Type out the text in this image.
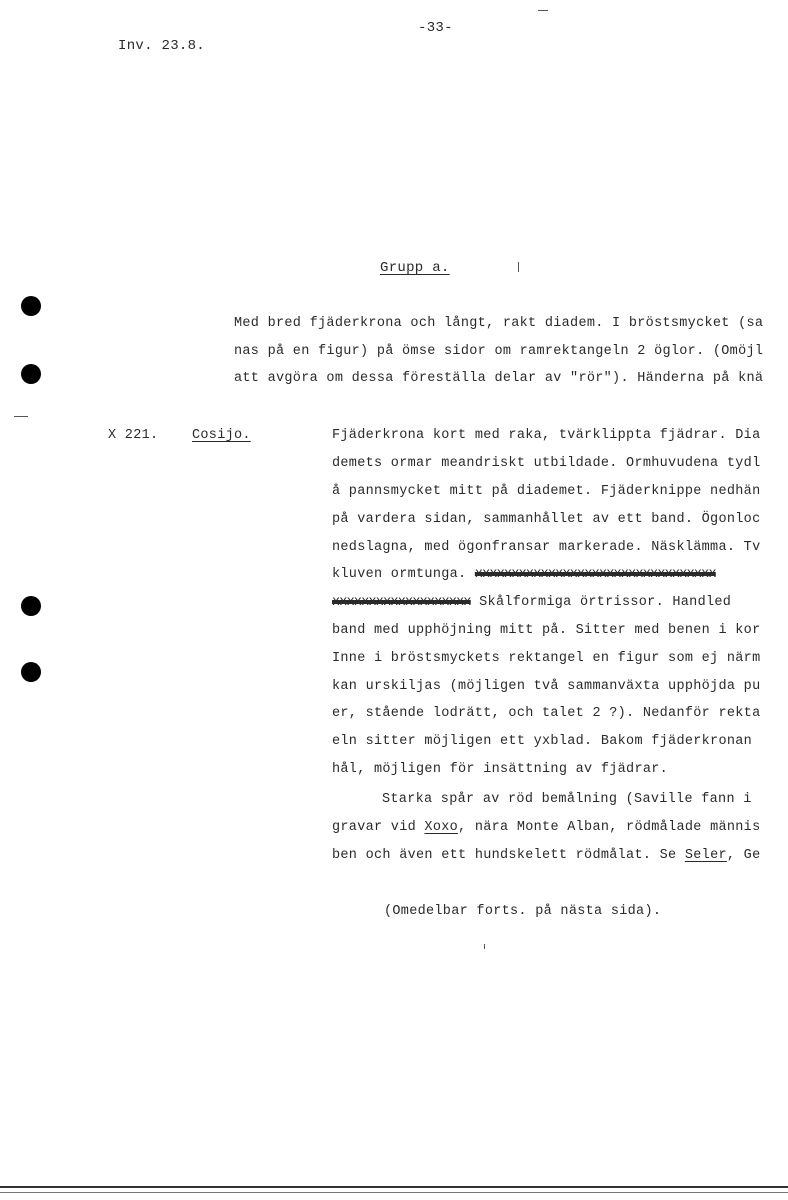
Inv. 23.8.
-33-
Grupp a.
Med bred fjäderkrona och långt, rakt diadem. I bröstsmycket (sa
nas på en figur) på ömse sidor om ramrektangeln 2 öglor. (Omöjl
att avgöra om dessa föreställa delar av "rör"). Händerna på knä
X 221. Cosijo.	Fjäderkrona kort med raka, tvärklippta fjädrar. Dia
demets ormar meandriskt utbildade. Ormhuvudena tydl
å pannsmycket mitt på diademet. Fjäderknippe nedhän
på vardera sidan, sammanhållet av ett band. Ögonloc
nedslagna, med ögonfransar markerade. Näsklämma. Tv
kluven ormtunga. xxxxxxxxxxxxxxxxxxxxxxxxxxxxxxxxx
xxxxxxxxxxxxxxxxxxx Skålformiga örtrissor. Handled
band med upphöjning mitt på. Sitter med benen i kor
Inne i bröstsmyckets rektangel en figur som ej närm
kan urskiljas (möjligen två sammanväxta upphöjda pu
er, stående lodrätt, och talet 2 ?). Nedanför rekta
eln sitter möjligen ett yxblad. Bakom fjäderkronan
hål, möjligen för insättning av fjädrar.
Starka spår av röd bemålning (Saville fann i
gravar vid Xoxo, nära Monte Alban, rödmålade männis
ben och även ett hundskelett rödmålat. Se Seler, Ge
(Omedelbar forts. på nästa sida).
